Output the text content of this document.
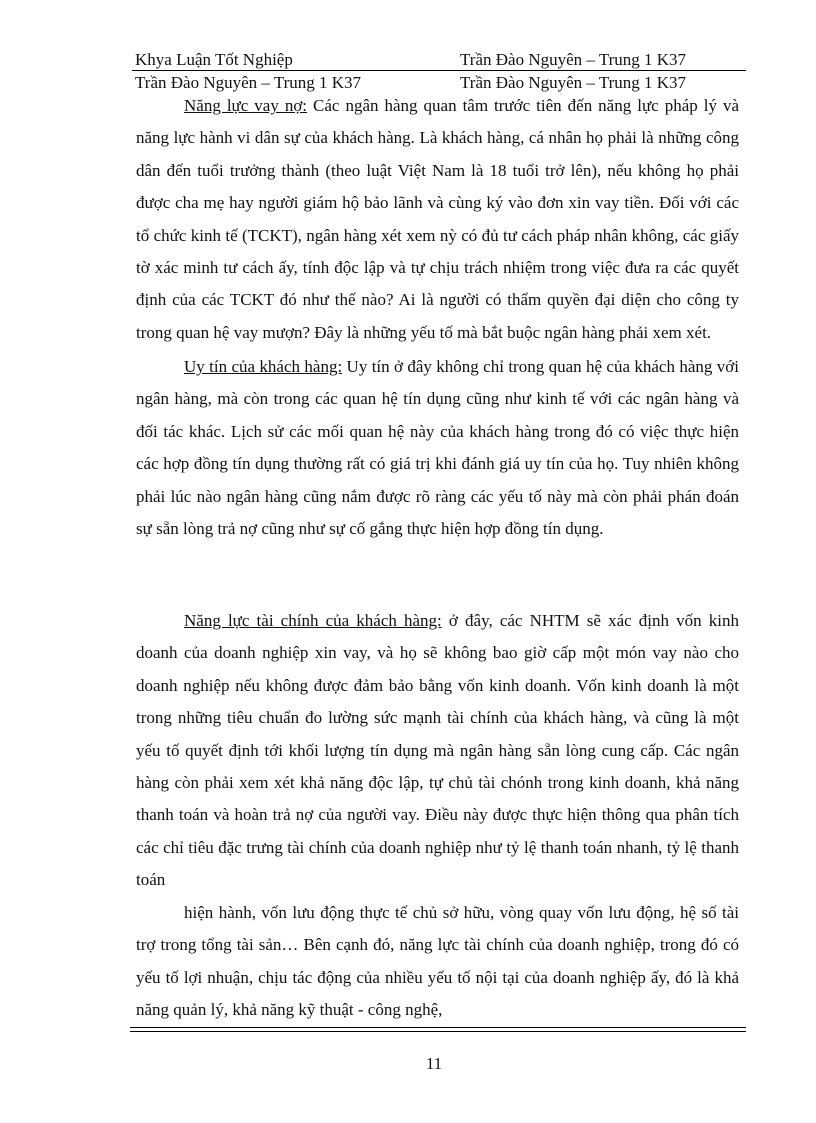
Khya Luận Tốt Nghiệp	Trần Đào Nguyên – Trung 1 K37
Trần Đào Nguyên – Trung 1 K37	Trần Đào Nguyên – Trung 1 K37

Năng lực vay nợ: Các ngân hàng quan tâm trước tiên đến năng lực pháp lý và năng lực hành vi dân sự của khách hàng. Là khách hàng, cá nhân họ phải là những công dân đến tuổi trưởng thành (theo luật Việt Nam là 18 tuổi trở lên), nếu không họ phải được cha mẹ hay người giám hộ bảo lãnh và cùng ký vào đơn xin vay tiền. Đối với các tổ chức kinh tế (TCKT), ngân hàng xét xem nỳ có đủ tư cách pháp nhân không, các giấy tờ xác minh tư cách ấy, tính độc lập và tự chịu trách nhiệm trong việc đưa ra các quyết định của các TCKT đó như thế nào? Ai là người có thẩm quyền đại diện cho công ty trong quan hệ vay mượn? Đây là những yếu tố mà bắt buộc ngân hàng phải xem xét.

Uy tín của khách hàng: Uy tín ở đây không chỉ trong quan hệ của khách hàng với ngân hàng, mà còn trong các quan hệ tín dụng cũng như kinh tế với các ngân hàng và đối tác khác. Lịch sử các mối quan hệ này của khách hàng trong đó có việc thực hiện các hợp đồng tín dụng thường rất có giá trị khi đánh giá uy tín của họ. Tuy nhiên không phải lúc nào ngân hàng cũng nắm được rõ ràng các yếu tố này mà còn phải phán đoán sự sẵn lòng trả nợ cũng như sự cố gắng thực hiện hợp đồng tín dụng.

Năng lực tài chính của khách hàng: ở đây, các NHTM sẽ xác định vốn kinh doanh của doanh nghiệp xin vay, và họ sẽ không bao giờ cấp một món vay nào cho doanh nghiệp nếu không được đảm bảo bằng vốn kinh doanh. Vốn kinh doanh là một trong những tiêu chuẩn đo lường sức mạnh tài chính của khách hàng, và cũng là một yếu tố quyết định tới khối lượng tín dụng mà ngân hàng sẵn lòng cung cấp. Các ngân hàng còn phải xem xét khả năng độc lập, tự chủ tài chónh trong kinh doanh, khả năng thanh toán và hoàn trả nợ của người vay. Điều này được thực hiện thông qua phân tích các chỉ tiêu đặc trưng tài chính của doanh nghiệp như tỷ lệ thanh toán nhanh, tỷ lệ thanh toán

hiện hành, vốn lưu động thực tế chủ sở hữu, vòng quay vốn lưu động, hệ số tài trợ trong tổng tài sản… Bên cạnh đó, năng lực tài chính của doanh nghiệp, trong đó có yếu tố lợi nhuận, chịu tác động của nhiều yếu tố nội tại của doanh nghiệp ấy, đó là khả năng quản lý, khả năng kỹ thuật - công nghệ,

11
